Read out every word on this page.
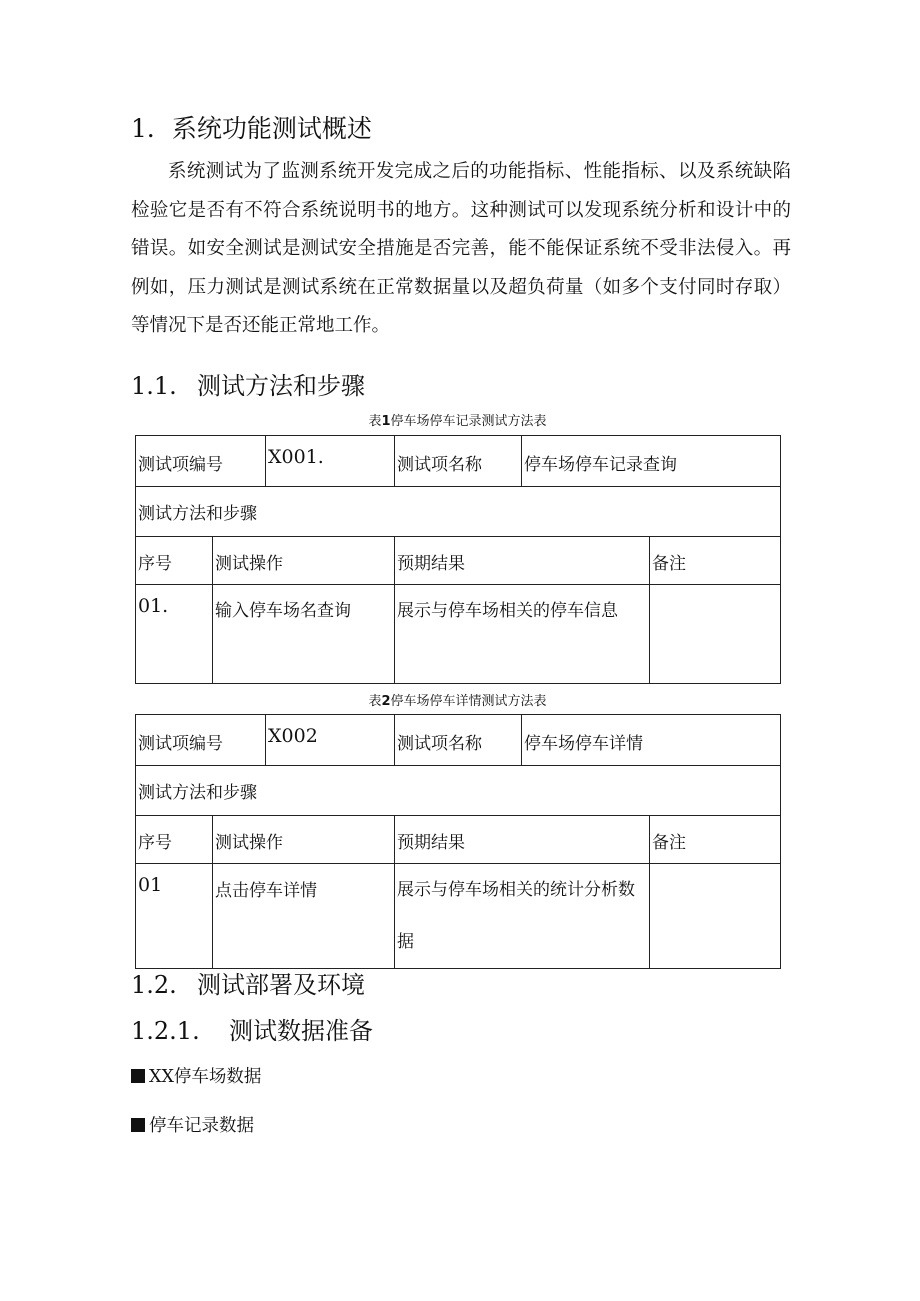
1．系统功能测试概述

系统测试为了监测系统开发完成之后的功能指标、性能指标、以及系统缺陷检验它是否有不符合系统说明书的地方。这种测试可以发现系统分析和设计中的错误。如安全测试是测试安全措施是否完善，能不能保证系统不受非法侵入。再例如，压力测试是测试系统在正常数据量以及超负荷量（如多个支付同时存取）等情况下是否还能正常地工作。

1.1. 测试方法和步骤
表1停车场停车记录测试方法表
测试项编号		X001.	测试项名称	停车场停车记录查询	
测试方法和步骤					
序号	测试操作		预期结果		备注
01.	输入停车场名查询		展示与停车场相关的停车信息		
表2停车场停车详情测试方法表
测试项编号		X002	测试项名称	停车场停车详情	
测试方法和步骤					
序号	测试操作		预期结果		备注
01	点击停车详情		展示与停车场相关的统计分析数据		
1.2. 测试部署及环境
1.2.1. 测试数据准备
XX停车场数据
停车记录数据
